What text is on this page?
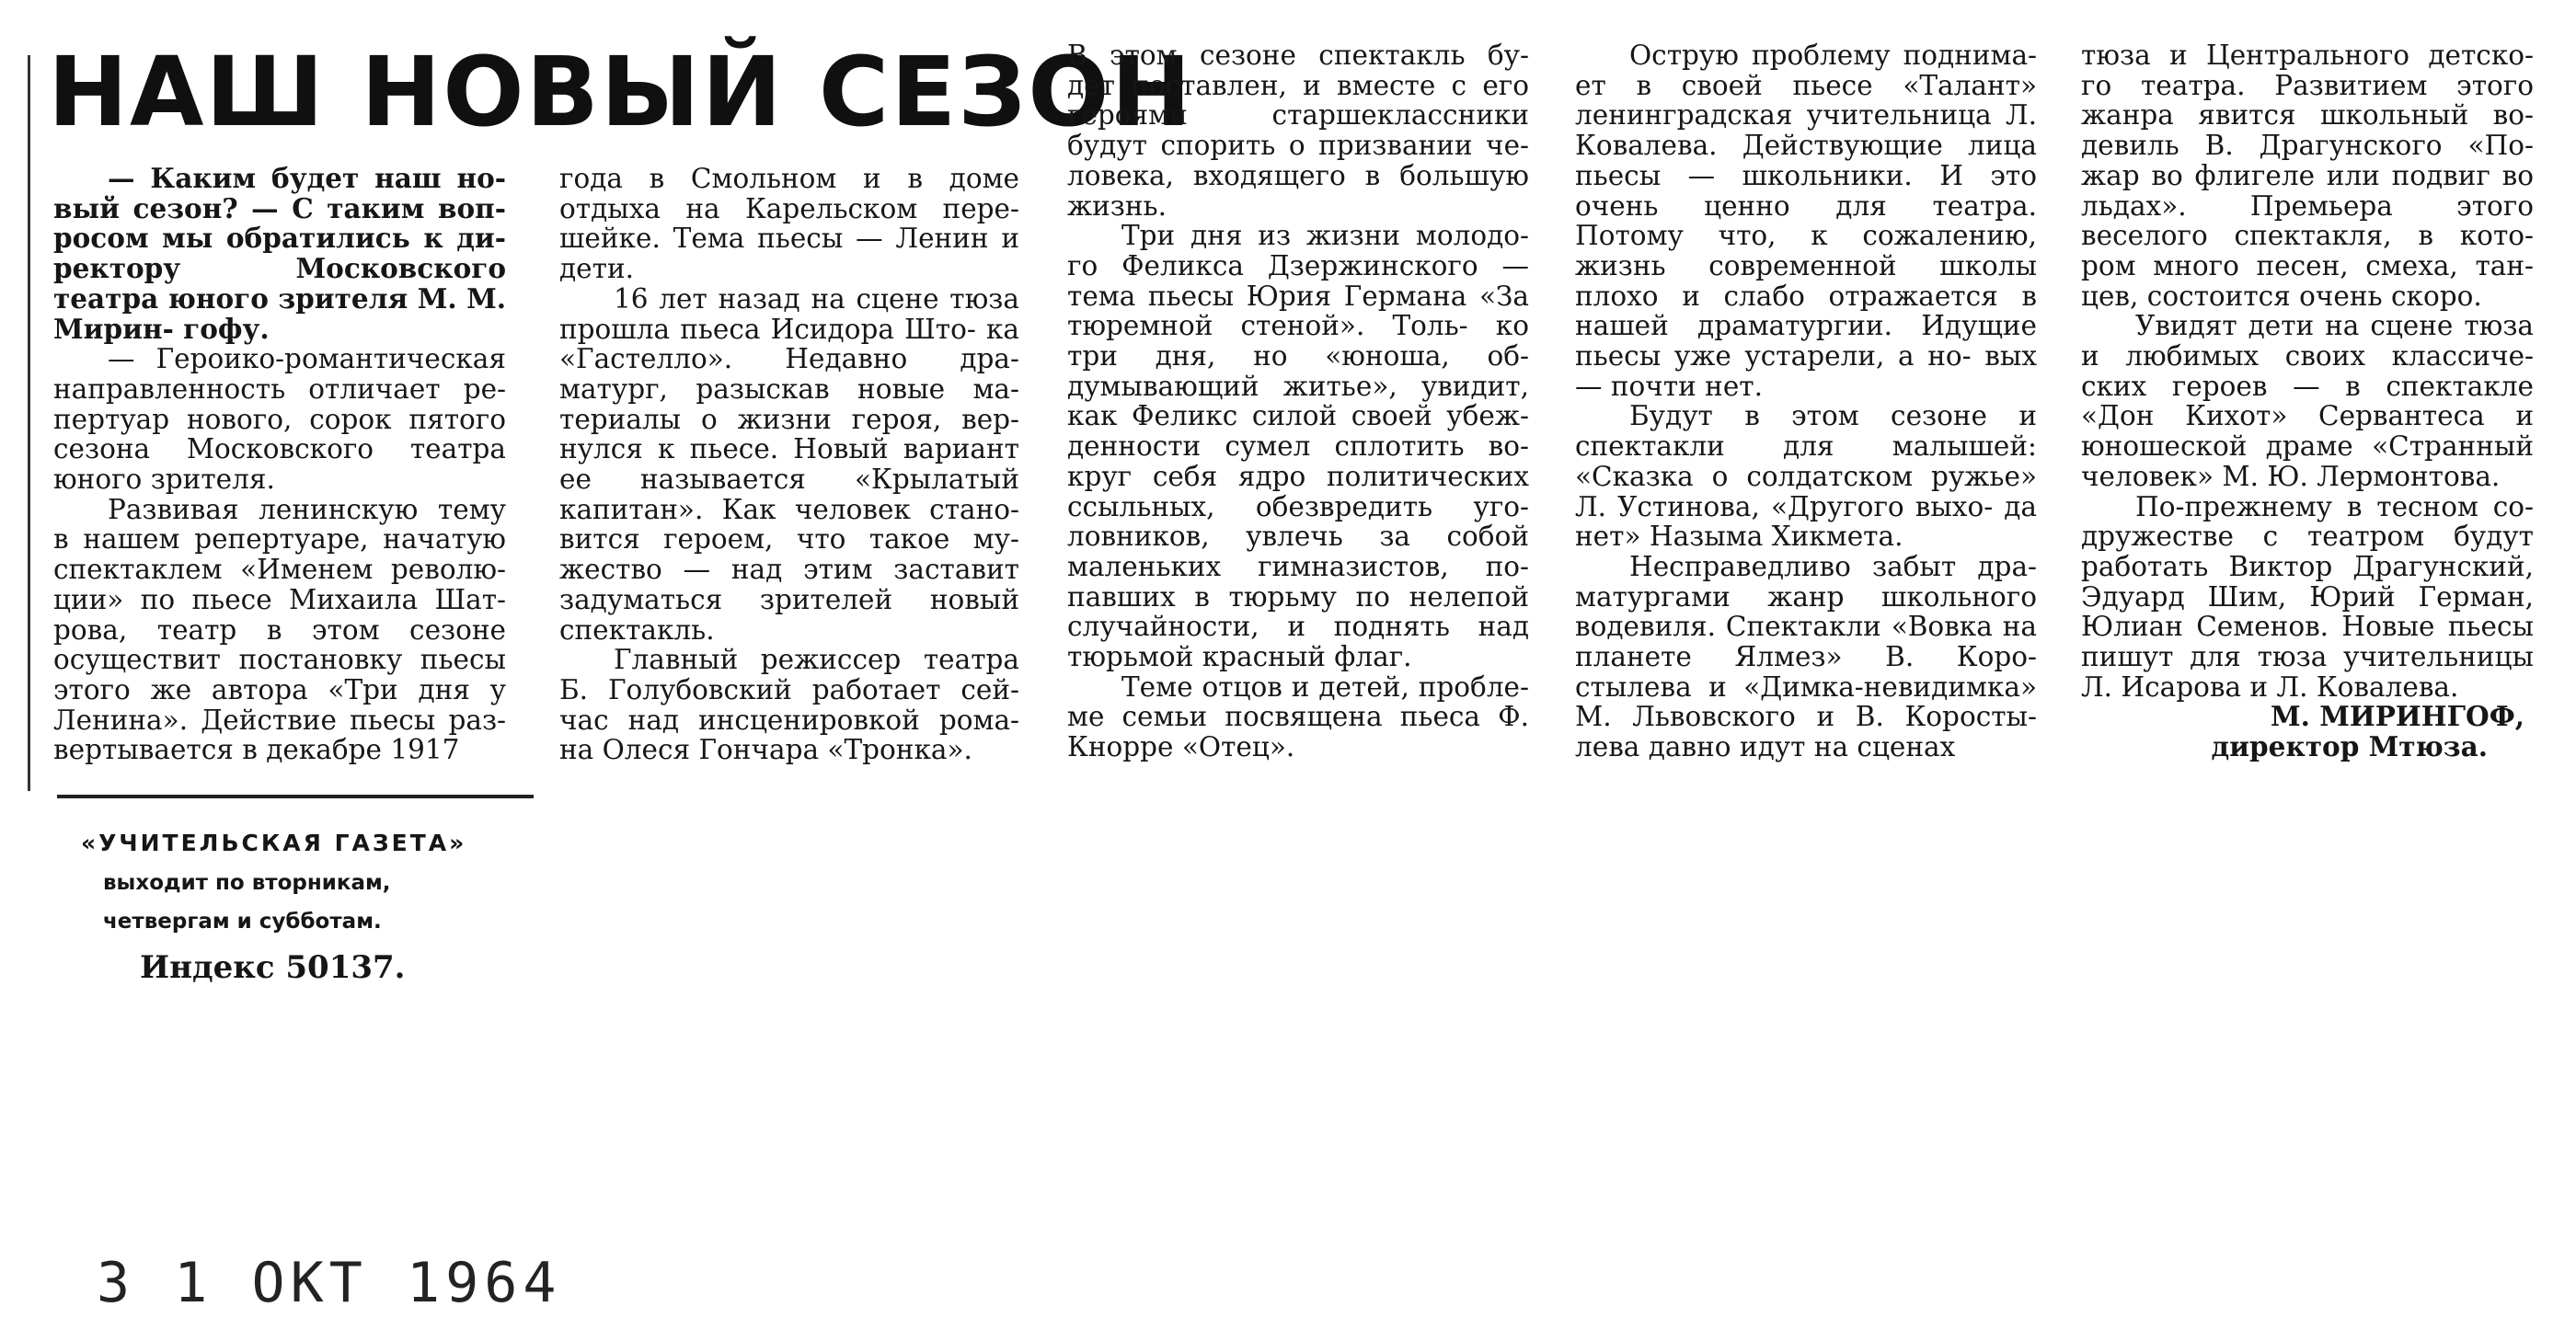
НАШ НОВЫЙ СЕЗОН

— Каким будет наш но- вый сезон? — С таким воп- росом мы обратились к ди- ректору Московского театра юного зрителя М. М. Мирин- гофу.

— Героико-романтическая направленность отличает ре- пертуар нового, сорок пятого сезона Московского театра юного зрителя.

Развивая ленинскую тему в нашем репертуаре, начатую спектаклем «Именем револю- ции» по пьесе Михаила Шат- рова, театр в этом сезоне осуществит постановку пьесы этого же автора «Три дня у Ленина». Действие пьесы раз- вертывается в декабре 1917

года в Смольном и в доме отдыха на Карельском пере- шейке. Тема пьесы — Ленин и дети.

16 лет назад на сцене тюза прошла пьеса Исидора Што- ка «Гастелло». Недавно дра- матург, разыскав новые ма- териалы о жизни героя, вер- нулся к пьесе. Новый вариант ее называется «Крылатый капитан». Как человек стано- вится героем, что такое му- жество — над этим заставит задуматься зрителей новый спектакль.

Главный режиссер театра Б. Голубовский работает сей- час над инсценировкой рома- на Олеся Гончара «Тронка».

В этом сезоне спектакль бу- дет поставлен, и вместе с его героями старшеклассники будут спорить о призвании че- ловека, входящего в большую жизнь.

Три дня из жизни молодо- го Феликса Дзержинского — тема пьесы Юрия Германа «За тюремной стеной». Толь- ко три дня, но «юноша, об- думывающий житье», увидит, как Феликс силой своей убеж- денности сумел сплотить во- круг себя ядро политических ссыльных, обезвредить уго- ловников, увлечь за собой маленьких гимназистов, по- павших в тюрьму по нелепой случайности, и поднять над тюрьмой красный флаг.

Теме отцов и детей, пробле- ме семьи посвящена пьеса Ф. Кнорре «Отец».

Острую проблему поднима- ет в своей пьесе «Талант» ленинградская учительница Л. Ковалева. Действующие лица пьесы — школьники. И это очень ценно для театра. Потому что, к сожалению, жизнь современной школы плохо и слабо отражается в нашей драматургии. Идущие пьесы уже устарели, а но- вых — почти нет.

Будут в этом сезоне и спектакли для малышей: «Сказка о солдатском ружье» Л. Устинова, «Другого выхо- да нет» Назыма Хикмета.

Несправедливо забыт дра- матургами жанр школьного водевиля. Спектакли «Вовка на планете Ялмез» В. Коро- стылева и «Димка-невидимка» М. Львовского и В. Короcты- лева давно идут на сценах

тюза и Центрального детско- го театра. Развитием этого жанра явится школьный во- девиль В. Драгунского «По- жар во флигеле или подвиг во льдах». Премьера этого веселого спектакля, в кото- ром много песен, смеха, тан- цев, состоится очень скоро.

Увидят дети на сцене тюза и любимых своих классиче- ских героев — в спектакле «Дон Кихот» Сервантеса и юношеской драме «Странный человек» М. Ю. Лермонтова.

По-прежнему в тесном со- дружестве с театром будут работать Виктор Драгунский, Эдуард Шим, Юрий Герман, Юлиан Семенов. Новые пьесы пишут для тюза учительницы Л. Исарова и Л. Ковалева.

М. МИРИНГОФ,

директор Мтюза.

«УЧИТЕЛЬСКАЯ ГАЗЕТА»
выходит по вторникам,
четвергам и субботам.
Индекс 50137.
3 1 ОКТ 1964
